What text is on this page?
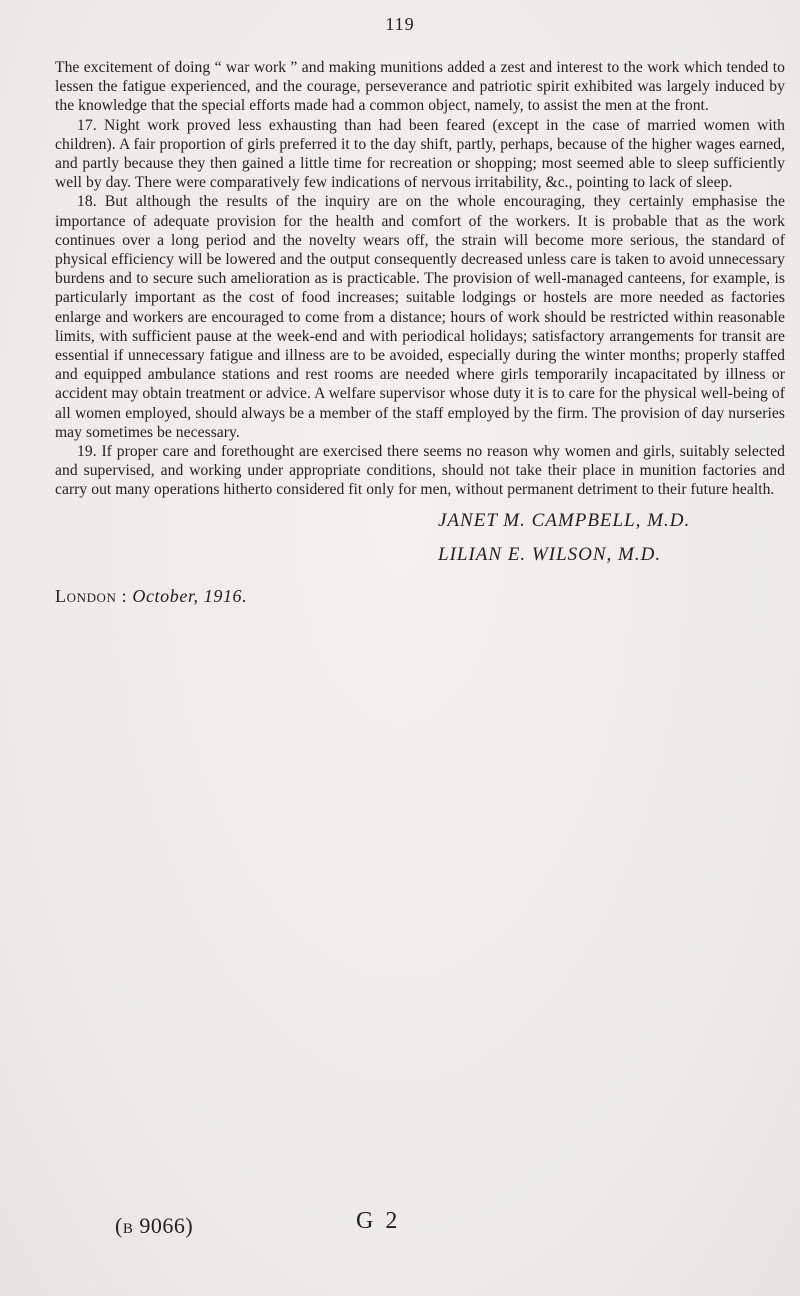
119

The excitement of doing “ war work ” and making munitions added a zest and interest to the work which tended to lessen the fatigue experienced, and the courage, perseverance and patriotic spirit exhibited was largely induced by the knowledge that the special efforts made had a common object, namely, to assist the men at the front.

17. Night work proved less exhausting than had been feared (except in the case of married women with children). A fair proportion of girls preferred it to the day shift, partly, perhaps, because of the higher wages earned, and partly because they then gained a little time for recreation or shopping; most seemed able to sleep sufficiently well by day. There were comparatively few indications of nervous irritability, &c., pointing to lack of sleep.

18. But although the results of the inquiry are on the whole encouraging, they certainly emphasise the importance of adequate provision for the health and comfort of the workers. It is probable that as the work continues over a long period and the novelty wears off, the strain will become more serious, the standard of physical efficiency will be lowered and the output consequently decreased unless care is taken to avoid unnecessary burdens and to secure such amelioration as is practicable. The provision of well-managed canteens, for example, is particularly important as the cost of food increases; suitable lodgings or hostels are more needed as factories enlarge and workers are encouraged to come from a distance; hours of work should be restricted within reasonable limits, with sufficient pause at the week-end and with periodical holidays; satisfactory arrangements for transit are essential if unnecessary fatigue and illness are to be avoided, especially during the winter months; properly staffed and equipped ambulance stations and rest rooms are needed where girls temporarily incapacitated by illness or accident may obtain treatment or advice. A welfare supervisor whose duty it is to care for the physical well-being of all women employed, should always be a member of the staff employed by the firm. The provision of day nurseries may sometimes be necessary.

19. If proper care and forethought are exercised there seems no reason why women and girls, suitably selected and supervised, and working under appropriate conditions, should not take their place in munition factories and carry out many operations hitherto considered fit only for men, without permanent detriment to their future health.

JANET M. CAMPBELL, M.D.
LILIAN E. WILSON, M.D.
London : October, 1916.
(B 9066)	G 2
